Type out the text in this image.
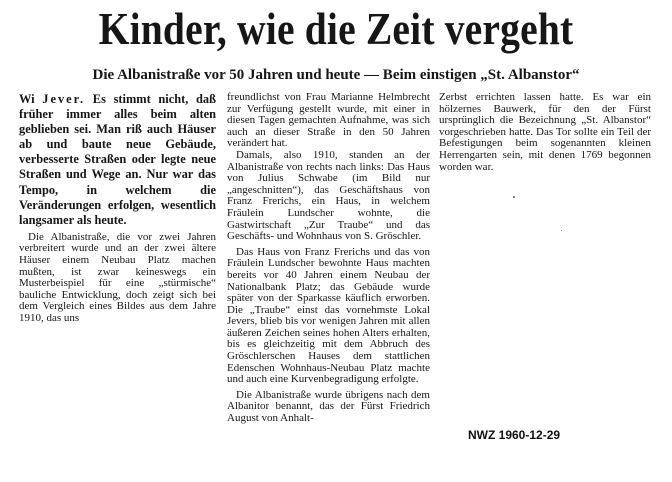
Kinder, wie die Zeit vergeht
Die Albanistraße vor 50 Jahren und heute — Beim einstigen „St. Albanstor“

Wi Jever. Es stimmt nicht, daß früher immer alles beim alten geblieben sei. Man riß auch Häuser ab und baute neue Gebäude, verbesserte Straßen oder legte neue Straßen und Wege an. Nur war das Tempo, in welchem die Veränderungen erfolgen, wesentlich langsamer als heute.

Die Albanistraße, die vor zwei Jahren verbreitert wurde und an der zwei ältere Häuser einem Neubau Platz machen mußten, ist zwar keineswegs ein Musterbeispiel für eine „stürmische“ bauliche Entwicklung, doch zeigt sich bei dem Vergleich eines Bildes aus dem Jahre 1910, das uns

freundlichst von Frau Marianne Helmbrecht zur Verfügung gestellt wurde, mit einer in diesen Tagen gemachten Aufnahme, was sich auch an dieser Straße in den 50 Jahren verändert hat.

Damals, also 1910, standen an der Albanistraße von rechts nach links: Das Haus von Julius Schwabe (im Bild nur „angeschnitten“), das Geschäftshaus von Franz Frerichs, ein Haus, in welchem Fräulein Lundscher wohnte, die Gastwirtschaft „Zur Traube“ und das Geschäfts- und Wohnhaus von S. Gröschler.

Das Haus von Franz Frerichs und das von Fräulein Lundscher bewohnte Haus machten bereits vor 40 Jahren einem Neubau der Nationalbank Platz; das Gebäude wurde später von der Sparkasse käuflich erworben. Die „Traube“ einst das vornehmste Lokal Jevers, blieb bis vor wenigen Jahren mit allen äußeren Zeichen seines hohen Alters erhalten, bis es gleichzeitig mit dem Abbruch des Gröschlerschen Hauses dem stattlichen Edenschen Wohnhaus-Neubau Platz machte und auch eine Kurvenbegradigung erfolgte.

Die Albanistraße wurde übrigens nach dem Albanitor benannt, das der Fürst Friedrich August von Anhalt-

Zerbst errichten lassen hatte. Es war ein hölzernes Bauwerk, für den der Fürst ursprünglich die Bezeichnung „St. Albanstor“ vorgeschrieben hatte. Das Tor sollte ein Teil der Befestigungen beim sogenannten kleinen Herrengarten sein, mit denen 1769 begonnen worden war.

NWZ 1960-12-29
